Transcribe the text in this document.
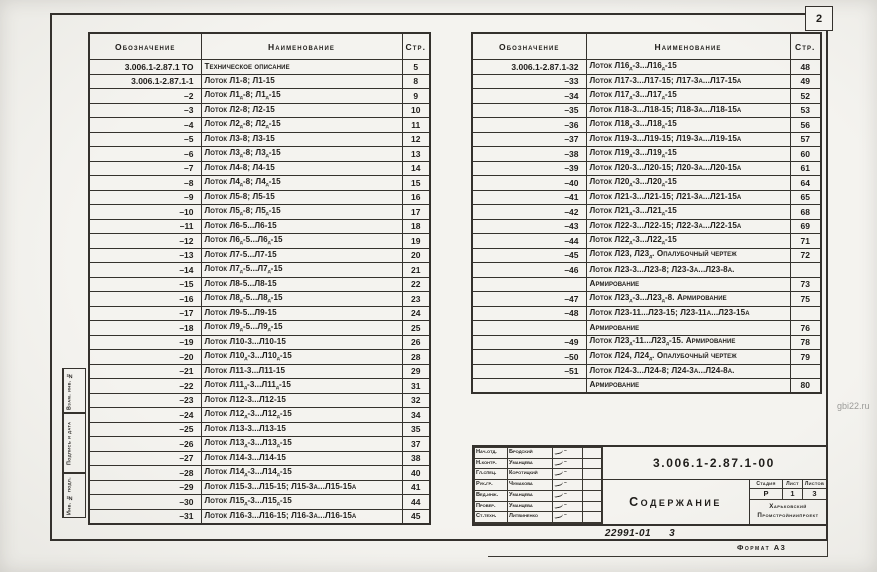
2
Обозначение	Наименование	Стр.
3.006.1-2.87.1 ТО	Техническое описание	5
3.006.1-2.87.1-1	Лоток Л1-8; Л1-15	8
–2	Лоток $Л1_д-8$; $Л1_д-15$	9
–3	Лоток Л2-8; Л2-15	10
–4	Лоток $Л2_д-8$; $Л2_д-15$	11
–5	Лоток Л3-8; Л3-15	12
–6	Лоток $Л3_д-8$; $Л3_д-15$	13
–7	Лоток Л4-8; Л4-15	14
–8	Лоток $Л4_д-8$; $Л4_д-15$	15
–9	Лоток Л5-8; Л5-15	16
–10	Лоток $Л5_д-8$; $Л5_д-15$	17
–11	Лоток Л6-5...Л6-15	18
–12	Лоток $Л6_д-5...Л6_д-15$	19
–13	Лоток Л7-5...Л7-15	20
–14	Лоток $Л7_д-5...Л7_д-15$	21
–15	Лоток Л8-5...Л8-15	22
–16	Лоток $Л8_д-5...Л8_д-15$	23
–17	Лоток Л9-5...Л9-15	24
–18	Лоток $Л9_д-5...Л9_д-15$	25
–19	Лоток Л10-3...Л10-15	26
–20	Лоток $Л10_д-3...Л10_д-15$	28
–21	Лоток Л11-3...Л11-15	29
–22	Лоток $Л11_д-3...Л11_д-15$	31
–23	Лоток Л12-3...Л12-15	32
–24	Лоток $Л12_д-3...Л12_д-15$	34
–25	Лоток Л13-3...Л13-15	35
–26	Лоток $Л13_д-3...Л13_д-15$	37
–27	Лоток Л14-3...Л14-15	38
–28	Лоток $Л14_д-3...Л14_д-15$	40
–29	Лоток Л15-3...Л15-15; Л15-3а...Л15-15а	41
–30	Лоток $Л15_д-3...Л15_д-15$	44
–31	Лоток Л16-3...Л16-15; Л16-3а...Л16-15а	45
Обозначение	Наименование	Стр.
3.006.1-2.87.1-32	Лоток $Л16_д-3...Л16_д-15$	48
–33	Лоток Л17-3...Л17-15; Л17-3а...Л17-15а	49
–34	Лоток $Л17_д-3...Л17_д-15$	52
–35	Лоток Л18-3...Л18-15; Л18-3а...Л18-15а	53
–36	Лоток $Л18_д-3...Л18_д-15$	56
–37	Лоток Л19-3...Л19-15; Л19-3а...Л19-15а	57
–38	Лоток $Л19_д-3...Л19_д-15$	60
–39	Лоток Л20-3...Л20-15; Л20-3а...Л20-15а	61
–40	Лоток $Л20_д-3...Л20_д-15$	64
–41	Лоток Л21-3...Л21-15; Л21-3а...Л21-15а	65
–42	Лоток $Л21_д-3...Л21_д-15$	68
–43	Лоток Л22-3...Л22-15; Л22-3а...Л22-15а	69
–44	Лоток $Л22_д-3...Л22_д-15$	71
–45	Лоток Л23, $Л23_д$. Опалубочный чертеж	72
–46	Лоток Л23-3...Л23-8; Л23-3а...Л23-8а.	
	Армирование	73
–47	Лоток $Л23_д-3...Л23_д-8$. Армирование	75
–48	Лоток Л23-11...Л23-15; Л23-11а...Л23-15а	
	Армирование	76
–49	Лоток $Л23_д-11...Л23_д-15$. Армирование	78
–50	Лоток Л24, $Л24_д$. Опалубочный чертеж	79
–51	Лоток Л24-3...Л24-8; Л24-3а...Л24-8а.	
	Армирование	80
Взам. инв. №
Подпись и дата
Инв. № подл.
Нач.отд.	Бродский	–	
Н.контр.	Уманцева	–	
Гл.спец.	Коротицкий	–	
Рук.гр.	Чумакова	–	
Вед.инж.	Уманцева	–	
Провер.	Уманцева	–	
Ст.техн.	Литвиненко	–	

3.006.1-2.87.1-00
Содержание
Стадия	Лист	Листов
Р	1	3
Харьковский
Промстройниипроект
22991-01 3
Формат А3
gbi22.ru
